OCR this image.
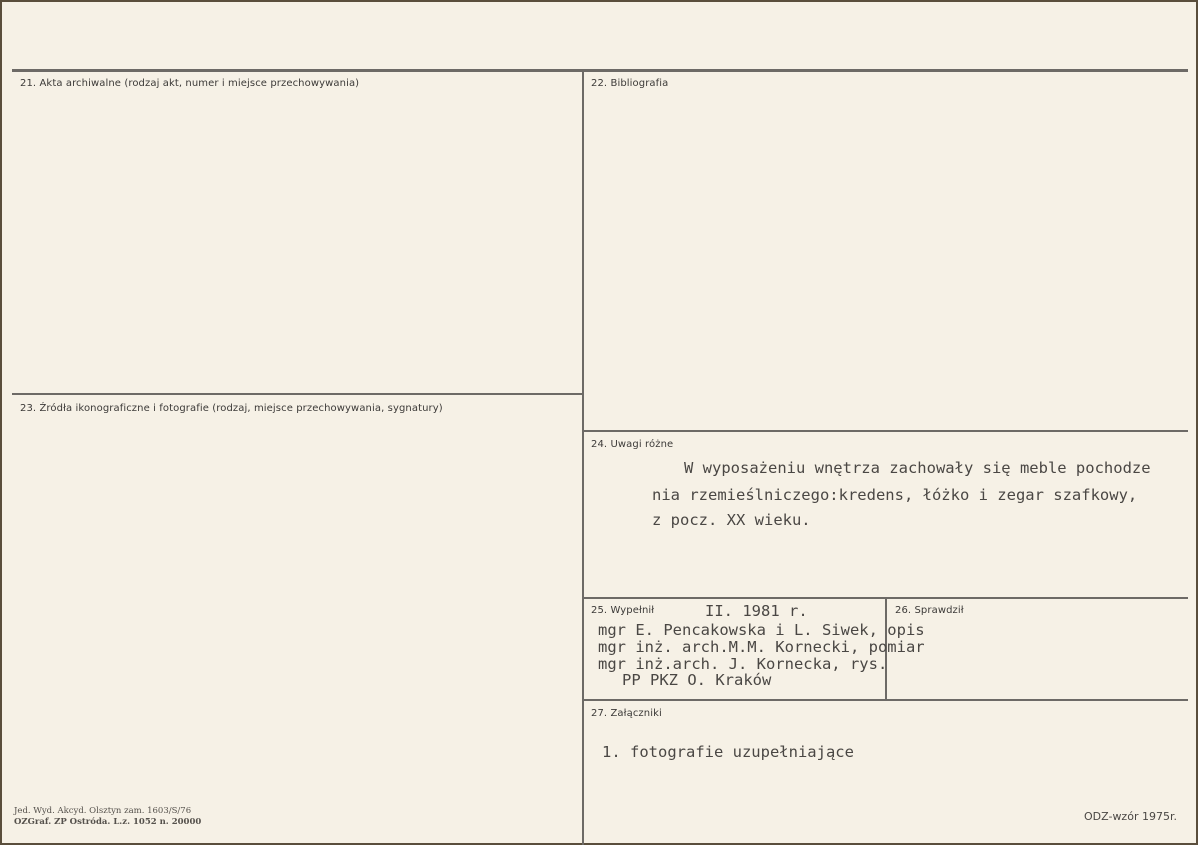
21. Akta archiwalne (rodzaj akt, numer i miejsce przechowywania)	22. Bibliografia
23. Źródła ikonograficzne i fotografie (rodzaj, miejsce przechowywania, sygnatury)
24. Uwagi różne
W wyposażeniu wnętrza zachowały się meble pochodze
nia rzemieślniczego:kredens, łóżko i zegar szafkowy,
z pocz. XX wieku.
25. Wypełnił	II. 1981 r.
mgr E. Pencakowska i L. Siwek, opis
mgr inż. arch.M.M. Kornecki, pomiar
mgr inż.arch. J. Kornecka, rys.
PP PKZ O. Kraków
26. Sprawdził
27. Załączniki
1. fotografie uzupełniające
Jed. Wyd. Akcyd. Olsztyn zam. 1603/S/76
OZGraf. ZP Ostróda. L.z. 1052 n. 20000	ODZ-wzór 1975r.
